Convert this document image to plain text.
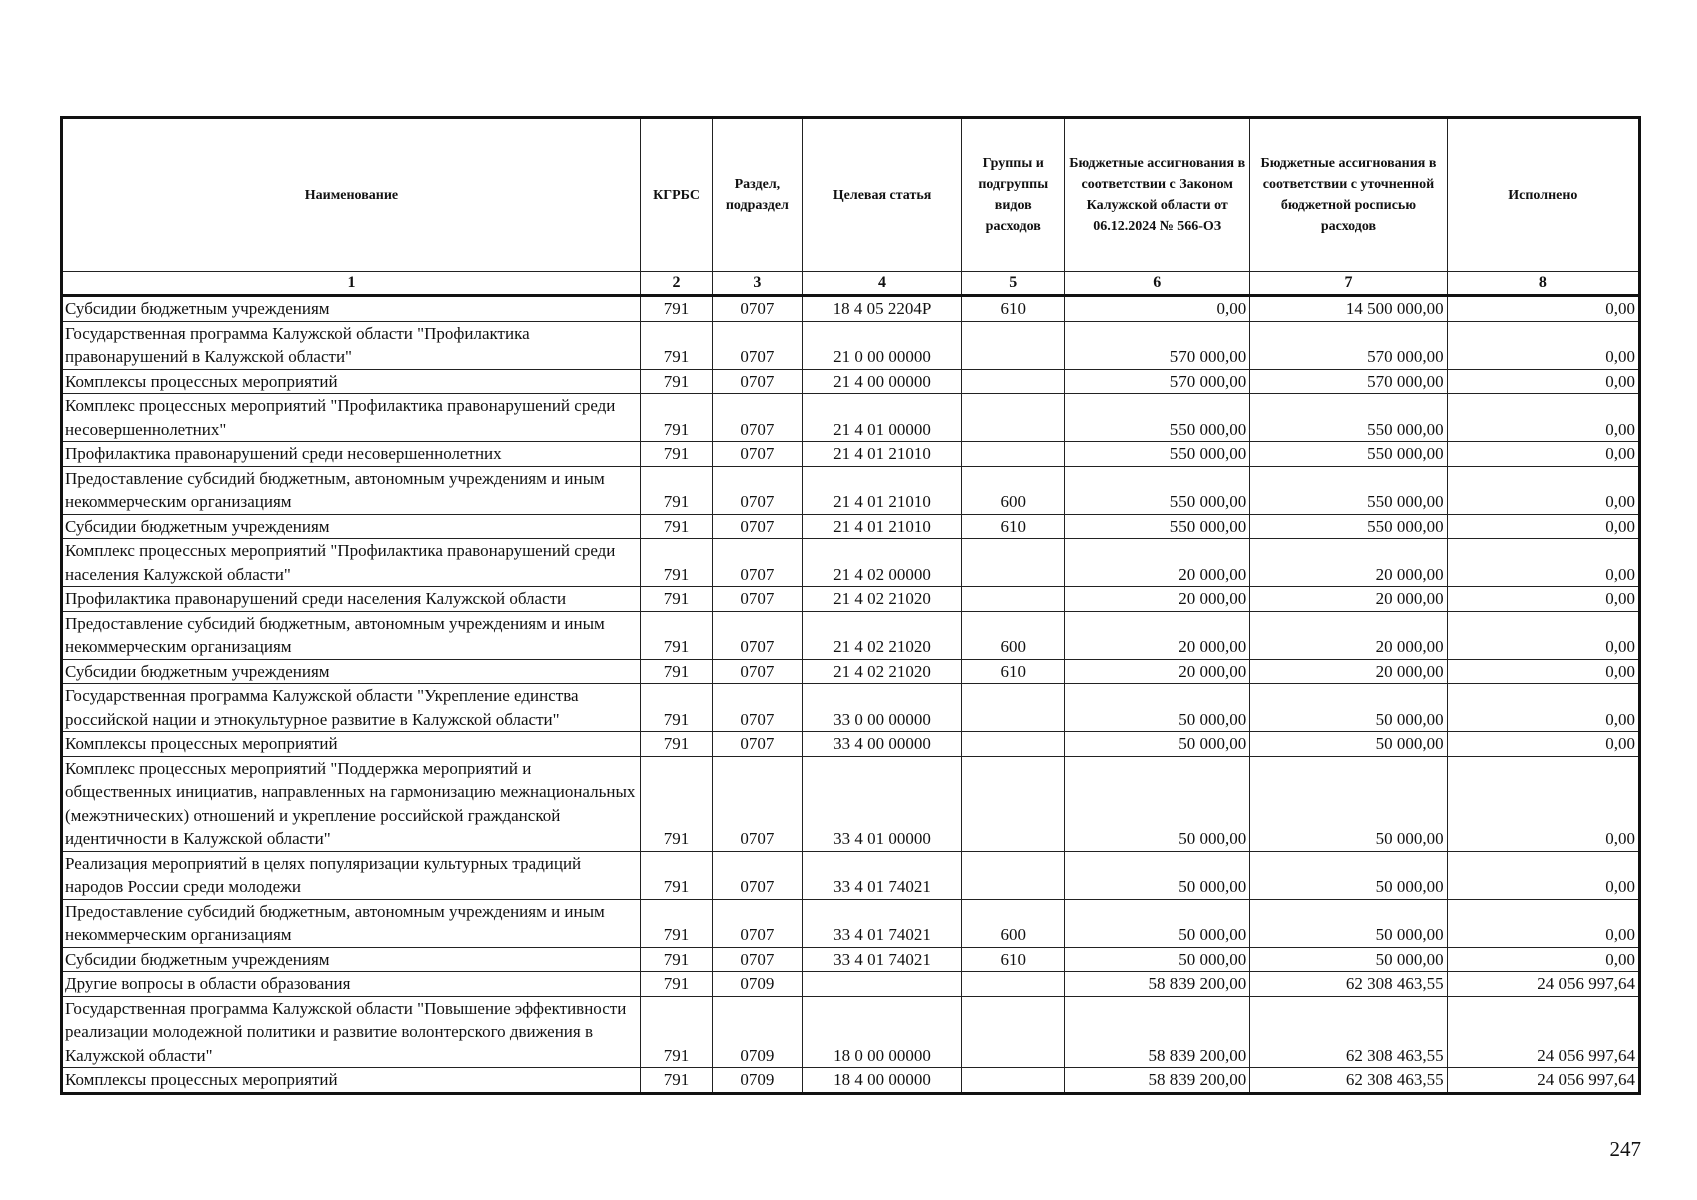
Наименование	КГРБС	Раздел, подраздел	Целевая статья	Группы и подгруппы видов расходов	Бюджетные ассигнования в соответствии с Законом Калужской области от 06.12.2024 № 566-ОЗ	Бюджетные ассигнования в соответствии с уточненной бюджетной росписью расходов	Исполнено
1	2	3	4	5	6	7	8
Субсидии бюджетным учреждениям	791	0707	18 4 05 2204P	610	0,00	14 500 000,00	0,00
Государственная программа Калужской области "Профилактика правонарушений в Калужской области"	791	0707	21 0 00 00000		570 000,00	570 000,00	0,00
Комплексы процессных мероприятий	791	0707	21 4 00 00000		570 000,00	570 000,00	0,00
Комплекс процессных мероприятий "Профилактика правонарушений среди несовершеннолетних"	791	0707	21 4 01 00000		550 000,00	550 000,00	0,00
Профилактика правонарушений среди несовершеннолетних	791	0707	21 4 01 21010		550 000,00	550 000,00	0,00
Предоставление субсидий бюджетным, автономным учреждениям и иным некоммерческим организациям	791	0707	21 4 01 21010	600	550 000,00	550 000,00	0,00
Субсидии бюджетным учреждениям	791	0707	21 4 01 21010	610	550 000,00	550 000,00	0,00
Комплекс процессных мероприятий "Профилактика правонарушений среди населения Калужской области"	791	0707	21 4 02 00000		20 000,00	20 000,00	0,00
Профилактика правонарушений среди населения Калужской области	791	0707	21 4 02 21020		20 000,00	20 000,00	0,00
Предоставление субсидий бюджетным, автономным учреждениям и иным некоммерческим организациям	791	0707	21 4 02 21020	600	20 000,00	20 000,00	0,00
Субсидии бюджетным учреждениям	791	0707	21 4 02 21020	610	20 000,00	20 000,00	0,00
Государственная программа Калужской области "Укрепление единства российской нации и этнокультурное развитие в Калужской области"	791	0707	33 0 00 00000		50 000,00	50 000,00	0,00
Комплексы процессных мероприятий	791	0707	33 4 00 00000		50 000,00	50 000,00	0,00
Комплекс процессных мероприятий "Поддержка мероприятий и общественных инициатив, направленных на гармонизацию межнациональных (межэтнических) отношений и укрепление российской гражданской идентичности в Калужской области"	791	0707	33 4 01 00000		50 000,00	50 000,00	0,00
Реализация мероприятий в целях популяризации культурных традиций народов России среди молодежи	791	0707	33 4 01 74021		50 000,00	50 000,00	0,00
Предоставление субсидий бюджетным, автономным учреждениям и иным некоммерческим организациям	791	0707	33 4 01 74021	600	50 000,00	50 000,00	0,00
Субсидии бюджетным учреждениям	791	0707	33 4 01 74021	610	50 000,00	50 000,00	0,00
Другие вопросы в области образования	791	0709			58 839 200,00	62 308 463,55	24 056 997,64
Государственная программа Калужской области "Повышение эффективности реализации молодежной политики и развитие волонтерского движения в Калужской области"	791	0709	18 0 00 00000		58 839 200,00	62 308 463,55	24 056 997,64
Комплексы процессных мероприятий	791	0709	18 4 00 00000		58 839 200,00	62 308 463,55	24 056 997,64
247
